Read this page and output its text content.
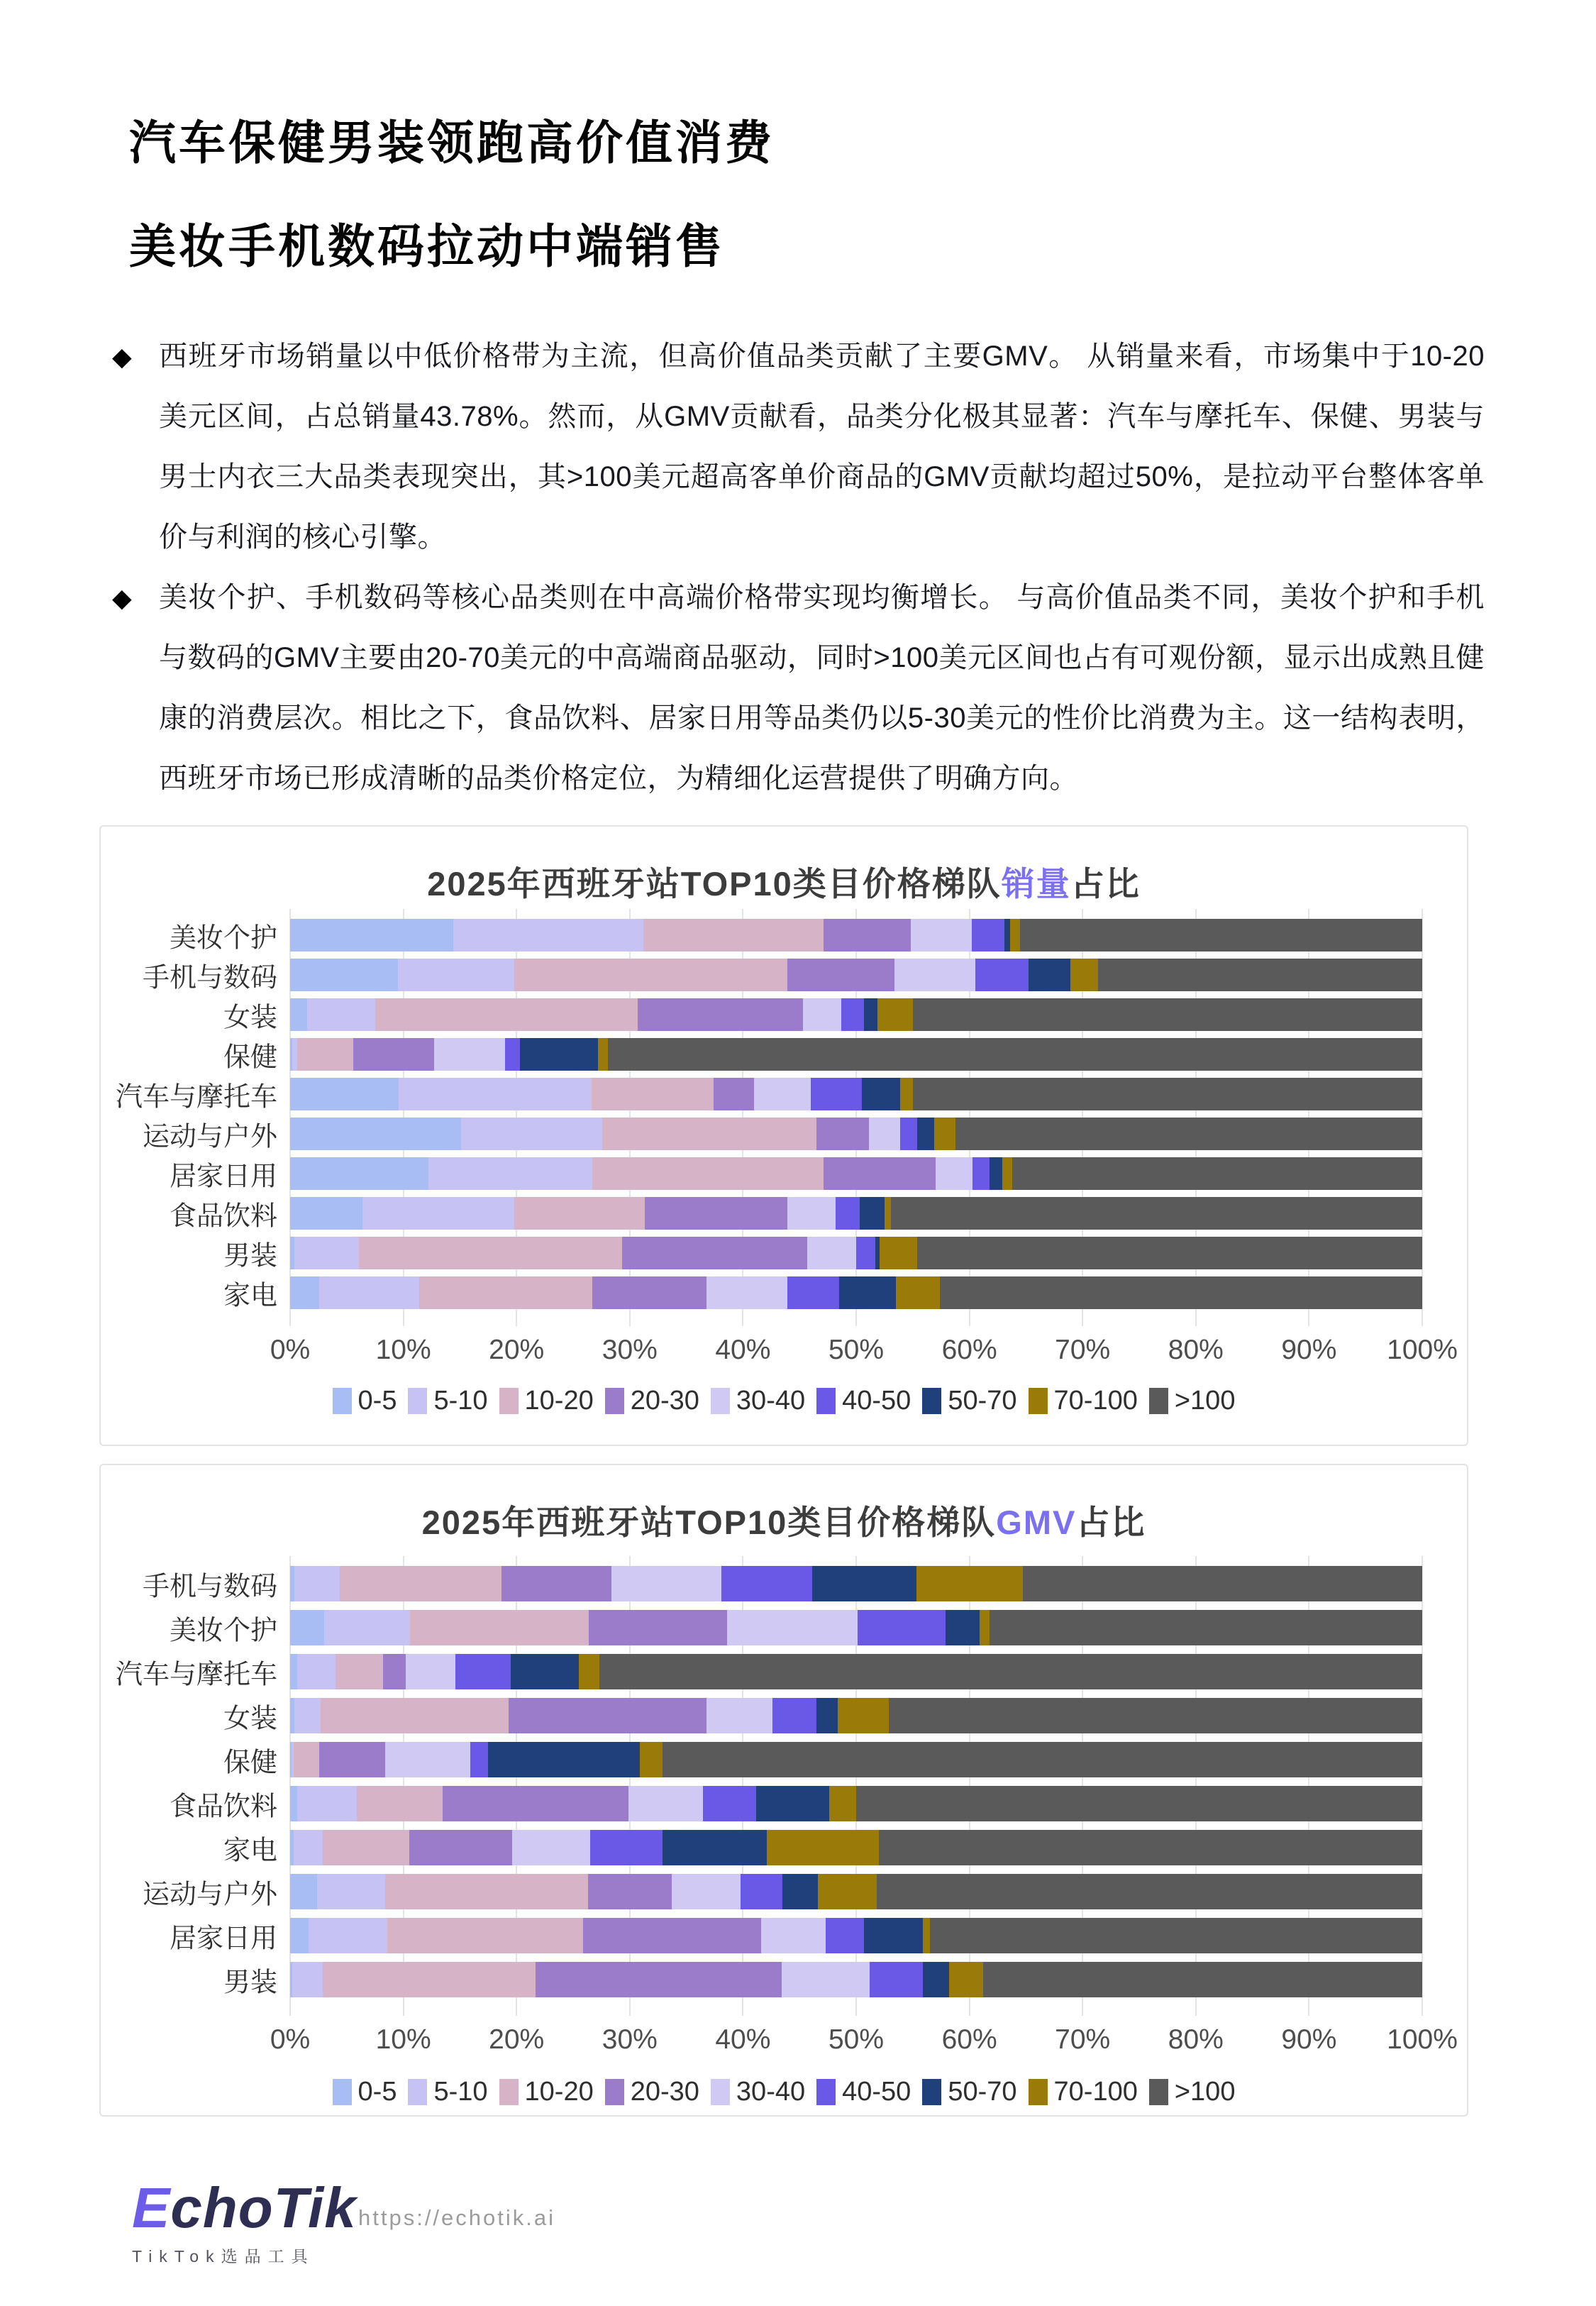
汽车保健男装领跑高价值消费
美妆手机数码拉动中端销售
◆ 西班牙市场销量以中低价格带为主流，但高价值品类贡献了主要GMV。 从销量来看，市场集中于10-20美元区间，占总销量43.78%。然而，从GMV贡献看，品类分化极其显著：汽车与摩托车、保健、男装与男士内衣三大品类表现突出，其>100美元超高客单价商品的GMV贡献均超过50%，是拉动平台整体客单价与利润的核心引擎。
◆ 美妆个护、手机数码等核心品类则在中高端价格带实现均衡增长。 与高价值品类不同，美妆个护和手机与数码的GMV主要由20-70美元的中高端商品驱动，同时>100美元区间也占有可观份额，显示出成熟且健康的消费层次。相比之下，食品饮料、居家日用等品类仍以5-30美元的性价比消费为主。这一结构表明，西班牙市场已形成清晰的品类价格定位，为精细化运营提供了明确方向。
2025年西班牙站TOP10类目价格梯队销量占比
美妆个护
手机与数码
女装
保健
汽车与摩托车
运动与户外
居家日用
食品饮料
男装
家电
0% 10% 20% 30% 40% 50% 60% 70% 80% 90% 100%
0-5 5-10 10-20 20-30 30-40 40-50 50-70 70-100 >100
2025年西班牙站TOP10类目价格梯队GMV占比
手机与数码
美妆个护
汽车与摩托车
女装
保健
食品饮料
家电
运动与户外
居家日用
男装
0% 10% 20% 30% 40% 50% 60% 70% 80% 90% 100%
0-5 5-10 10-20 20-30 30-40 40-50 50-70 70-100 >100
EchoTik
TikTok选品工具
https://echotik.ai
